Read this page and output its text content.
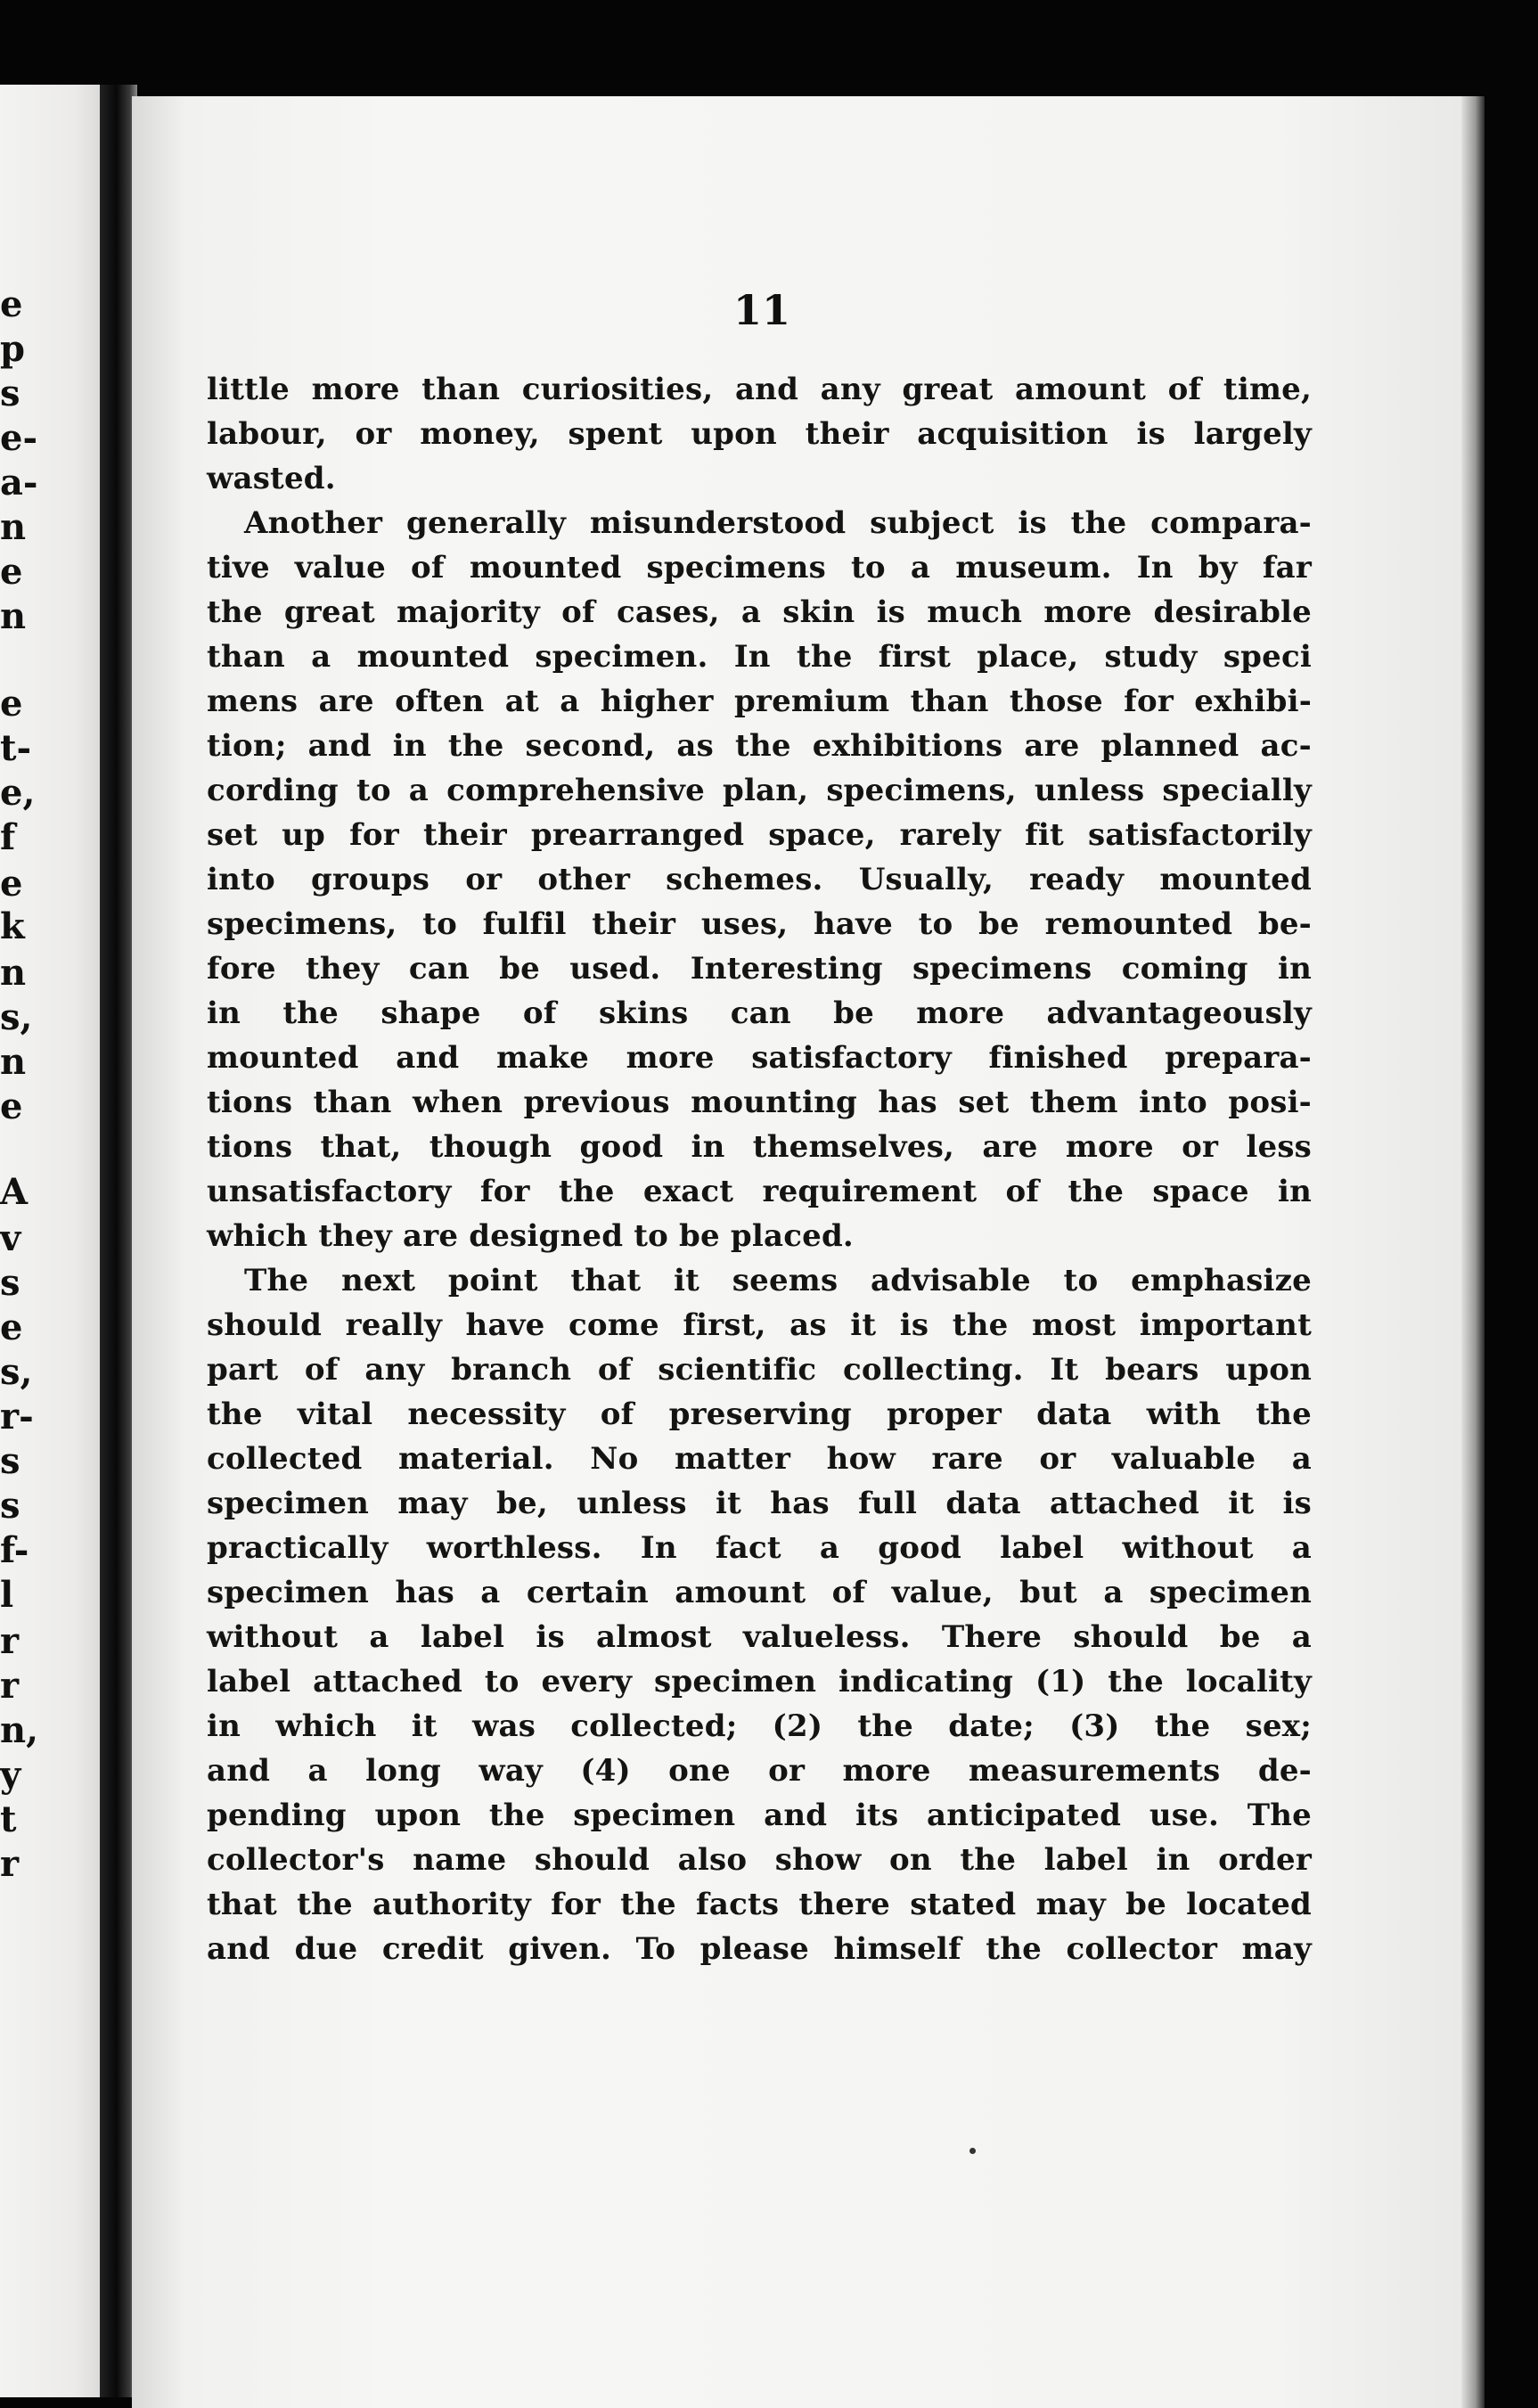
e
p
s
e-
a-
n
e
n
e
t-
e,
f
e
k
n
s,
n
e
A
v
s
e
s,
r-
s
s
f-
l
r
r
n,
y
t
r
11
little more than curiosities, and any great amount of time,
labour, or money, spent upon their acquisition is largely
wasted.
Another generally misunderstood subject is the compara-
tive value of mounted specimens to a museum. In by far
the great majority of cases, a skin is much more desirable
than a mounted specimen. In the first place, study speci
mens are often at a higher premium than those for exhibi-
tion; and in the second, as the exhibitions are planned ac-
cording to a comprehensive plan, specimens, unless specially
set up for their prearranged space, rarely fit satisfactorily
into groups or other schemes. Usually, ready mounted
specimens, to fulfil their uses, have to be remounted be-
fore they can be used. Interesting specimens coming in
in the shape of skins can be more advantageously
mounted and make more satisfactory finished prepara-
tions than when previous mounting has set them into posi-
tions that, though good in themselves, are more or less
unsatisfactory for the exact requirement of the space in
which they are designed to be placed.
The next point that it seems advisable to emphasize
should really have come first, as it is the most important
part of any branch of scientific collecting. It bears upon
the vital necessity of preserving proper data with the
collected material. No matter how rare or valuable a
specimen may be, unless it has full data attached it is
practically worthless. In fact a good label without a
specimen has a certain amount of value, but a specimen
without a label is almost valueless. There should be a
label attached to every specimen indicating (1) the locality
in which it was collected; (2) the date; (3) the sex;
and a long way (4) one or more measurements de-
pending upon the specimen and its anticipated use. The
collector's name should also show on the label in order
that the authority for the facts there stated may be located
and due credit given. To please himself the collector may
